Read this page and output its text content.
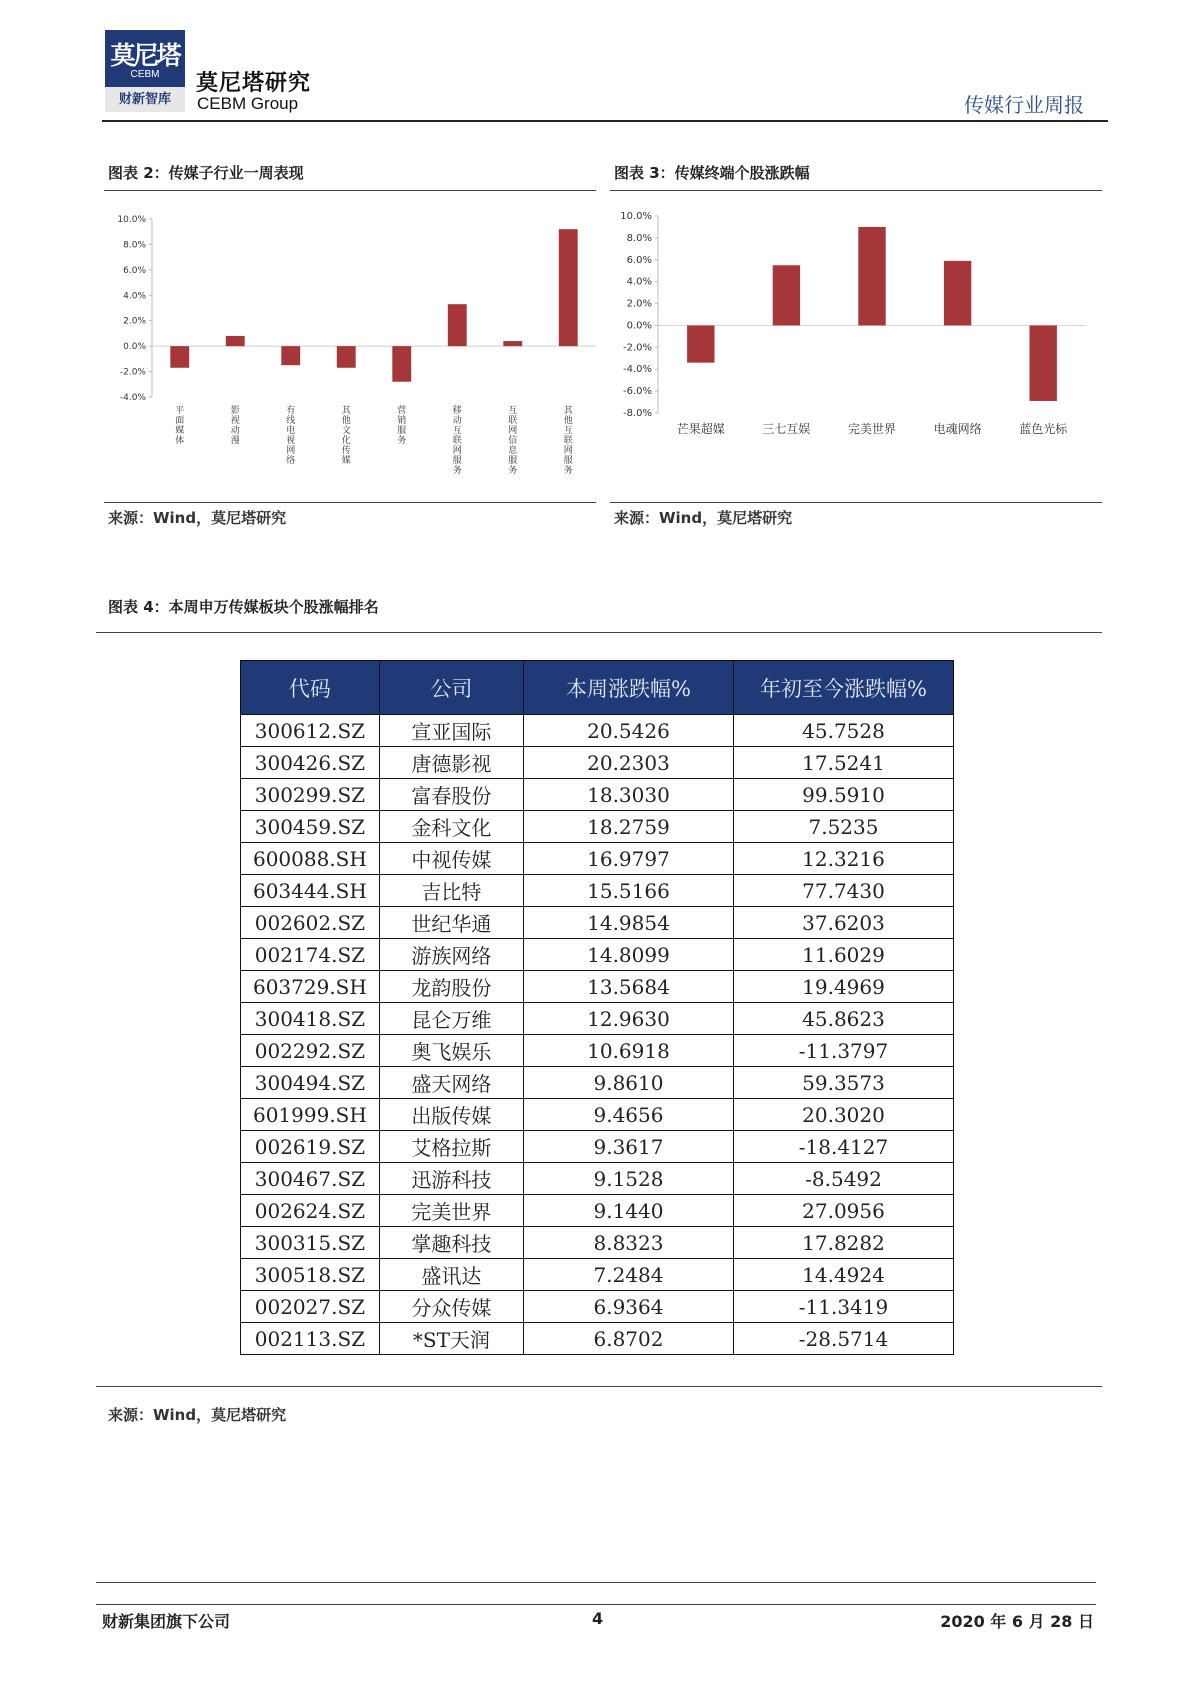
莫尼塔
CEBM
财新智库
莫尼塔研究
CEBM Group	传媒行业周报
图表 2：传媒子行业一周表现
10.0%
8.0%
6.0%
4.0%
2.0%
0.0%
-2.0%
-4.0%
平面媒体
影视动漫
有线电视网络
其他文化传媒
营销服务
移动互联网服务
互联网信息服务
其他互联网服务
来源：Wind，莫尼塔研究
图表 3：传媒终端个股涨跌幅
10.0%
8.0%
6.0%
4.0%
2.0%
0.0%
-2.0%
-4.0%
-6.0%
-8.0%
芒果超媒	三七互娱	完美世界	电魂网络	蓝色光标
来源：Wind，莫尼塔研究
图表 4：本周申万传媒板块个股涨幅排名
代码	公司	本周涨跌幅%	年初至今涨跌幅%
300612.SZ	宣亚国际	20.5426	45.7528
300426.SZ	唐德影视	20.2303	17.5241
300299.SZ	富春股份	18.3030	99.5910
300459.SZ	金科文化	18.2759	7.5235
600088.SH	中视传媒	16.9797	12.3216
603444.SH	吉比特	15.5166	77.7430
002602.SZ	世纪华通	14.9854	37.6203
002174.SZ	游族网络	14.8099	11.6029
603729.SH	龙韵股份	13.5684	19.4969
300418.SZ	昆仑万维	12.9630	45.8623
002292.SZ	奥飞娱乐	10.6918	-11.3797
300494.SZ	盛天网络	9.8610	59.3573
601999.SH	出版传媒	9.4656	20.3020
002619.SZ	艾格拉斯	9.3617	-18.4127
300467.SZ	迅游科技	9.1528	-8.5492
002624.SZ	完美世界	9.1440	27.0956
300315.SZ	掌趣科技	8.8323	17.8282
300518.SZ	盛讯达	7.2484	14.4924
002027.SZ	分众传媒	6.9364	-11.3419
002113.SZ	*ST天润	6.8702	-28.5714
来源：Wind，莫尼塔研究
财新集团旗下公司	4	2020 年 6 月 28 日
